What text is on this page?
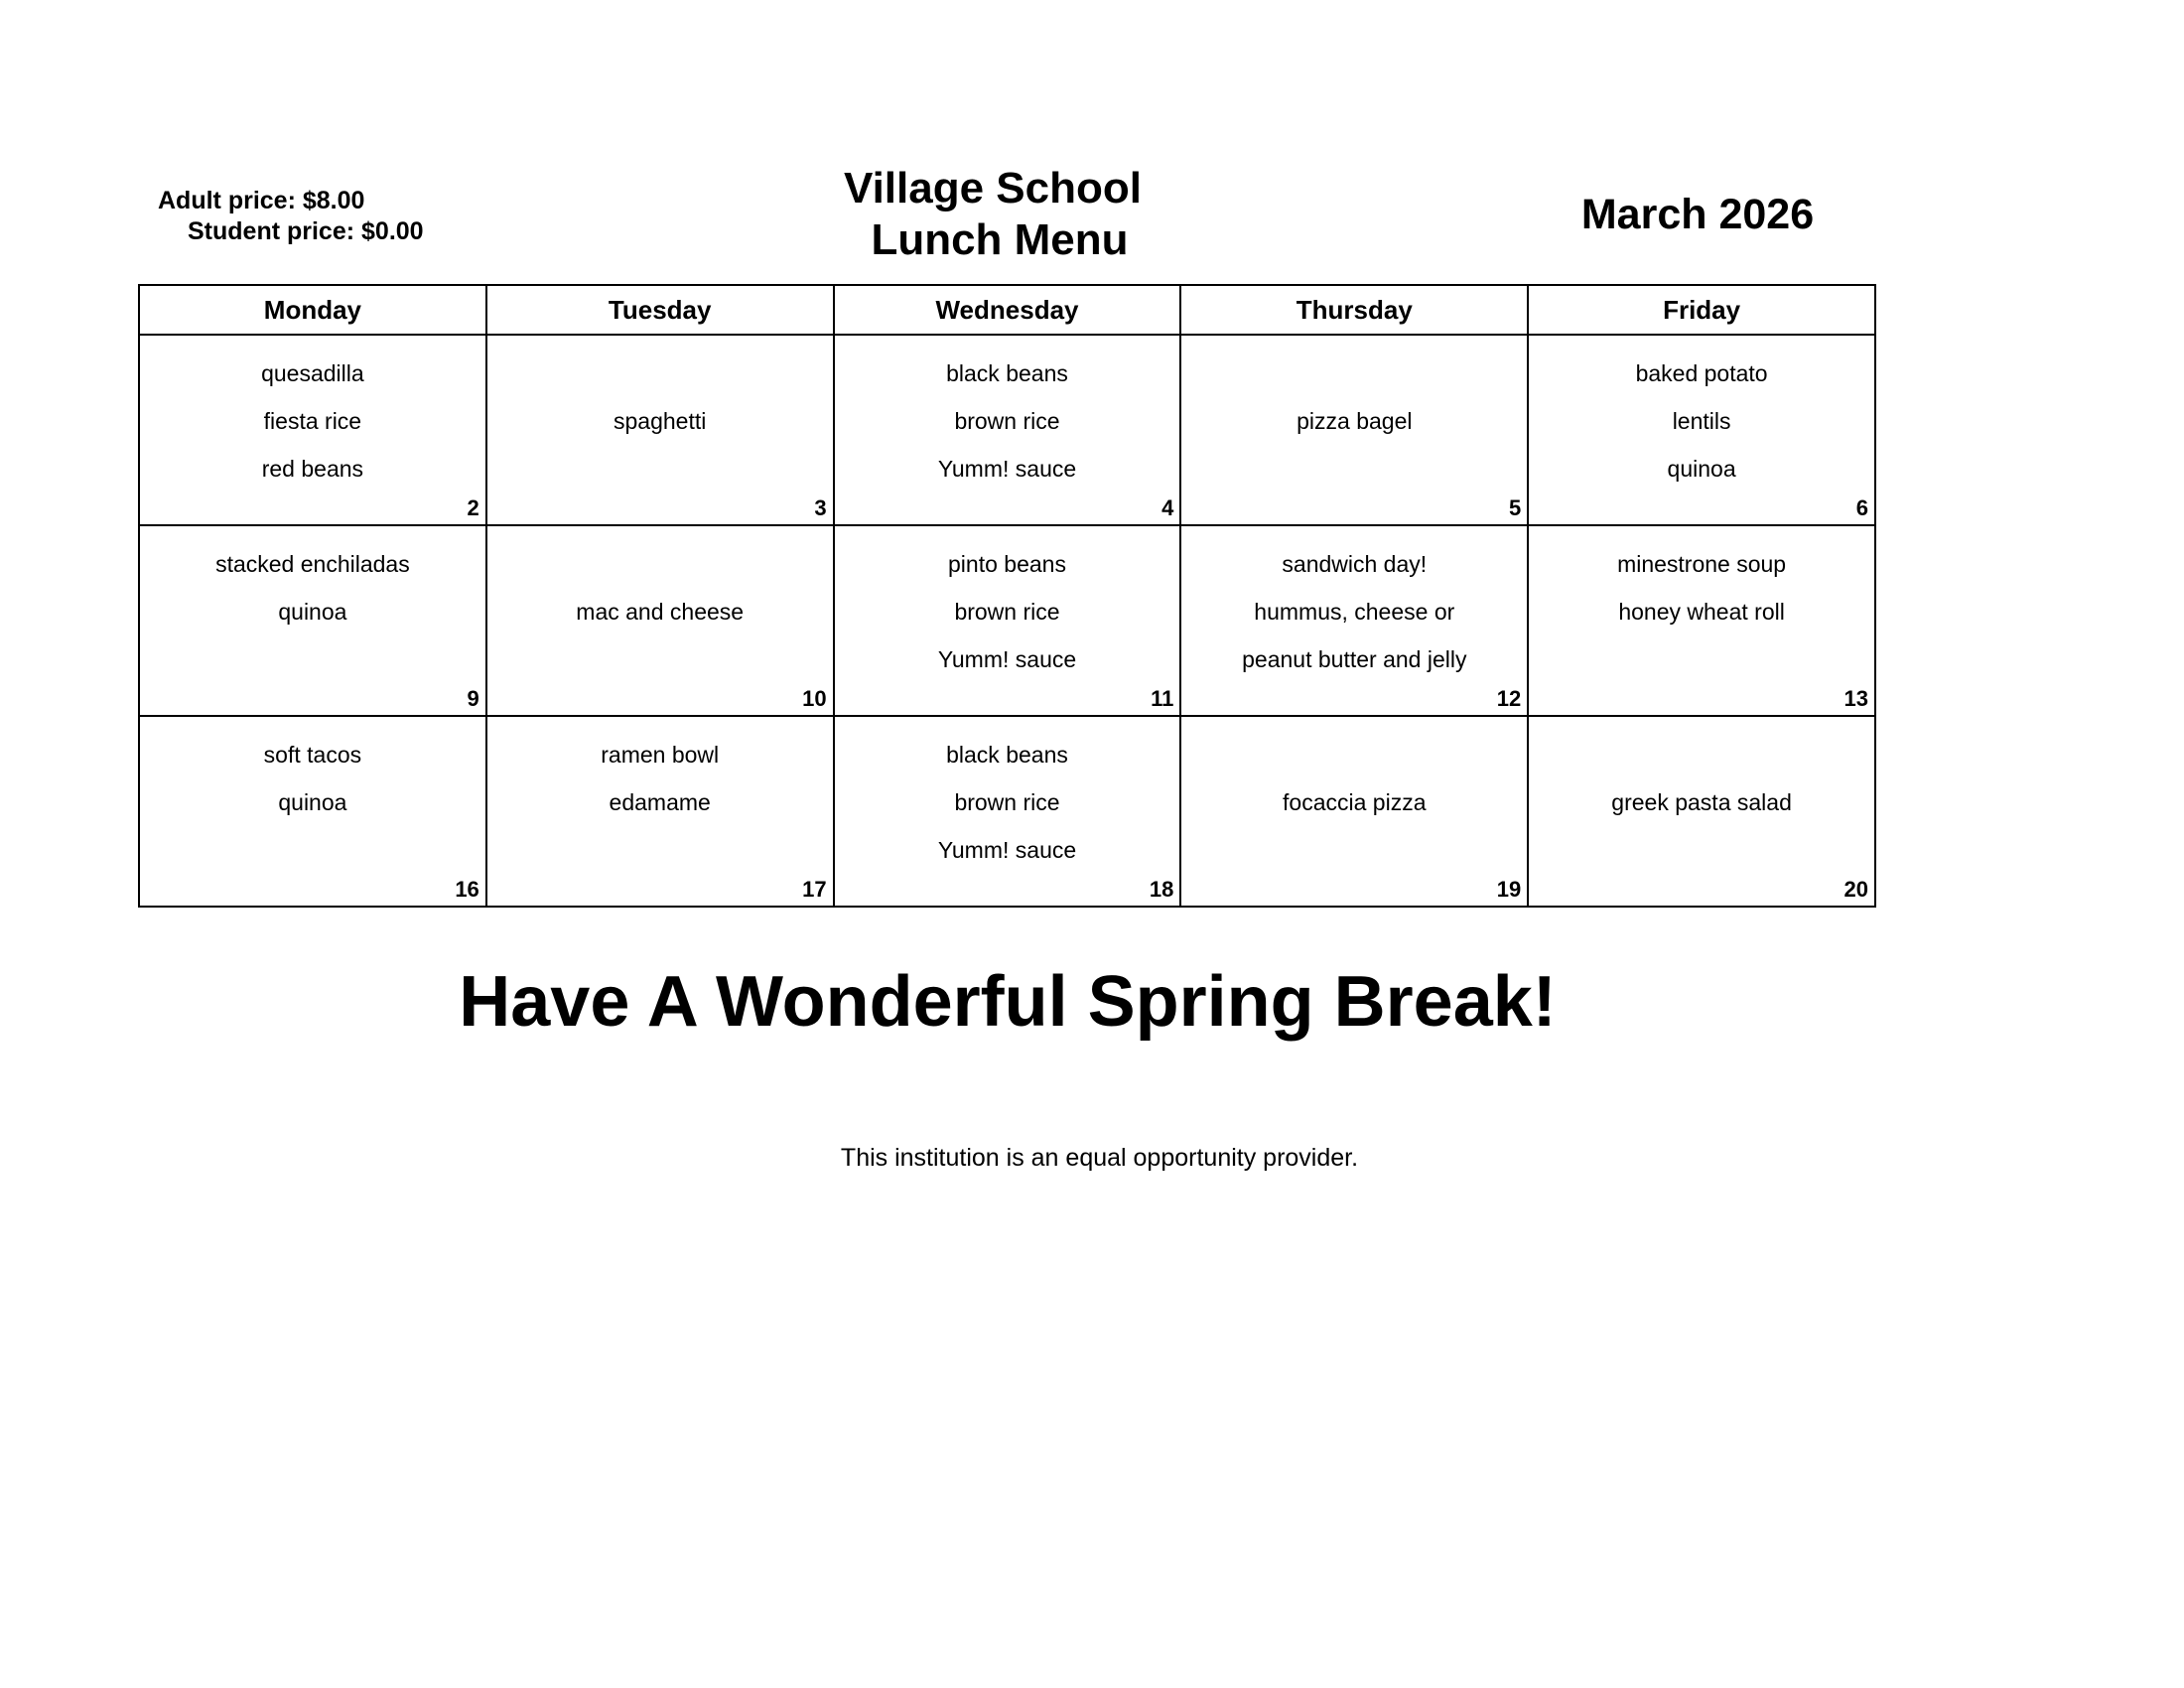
Adult price: $8.00
Student price: $0.00
Village School
Lunch Menu
March 2026
Monday	Tuesday	Wednesday	Thursday	Friday

quesadilla
fiesta rice
red beans
2	spaghetti
3	black beans
brown rice
Yumm! sauce
4	pizza bagel
5	baked potato
lentils
quinoa
6

stacked enchiladas
quinoa
9	mac and cheese
10	pinto beans
brown rice
Yumm! sauce
11	sandwich day!
hummus, cheese or
peanut butter and jelly
12	minestrone soup
honey wheat roll
13

soft tacos
quinoa
16	ramen bowl
edamame
17	black beans
brown rice
Yumm! sauce
18	focaccia pizza
19	greek pasta salad
20
Have A Wonderful Spring Break!
This institution is an equal opportunity provider.
